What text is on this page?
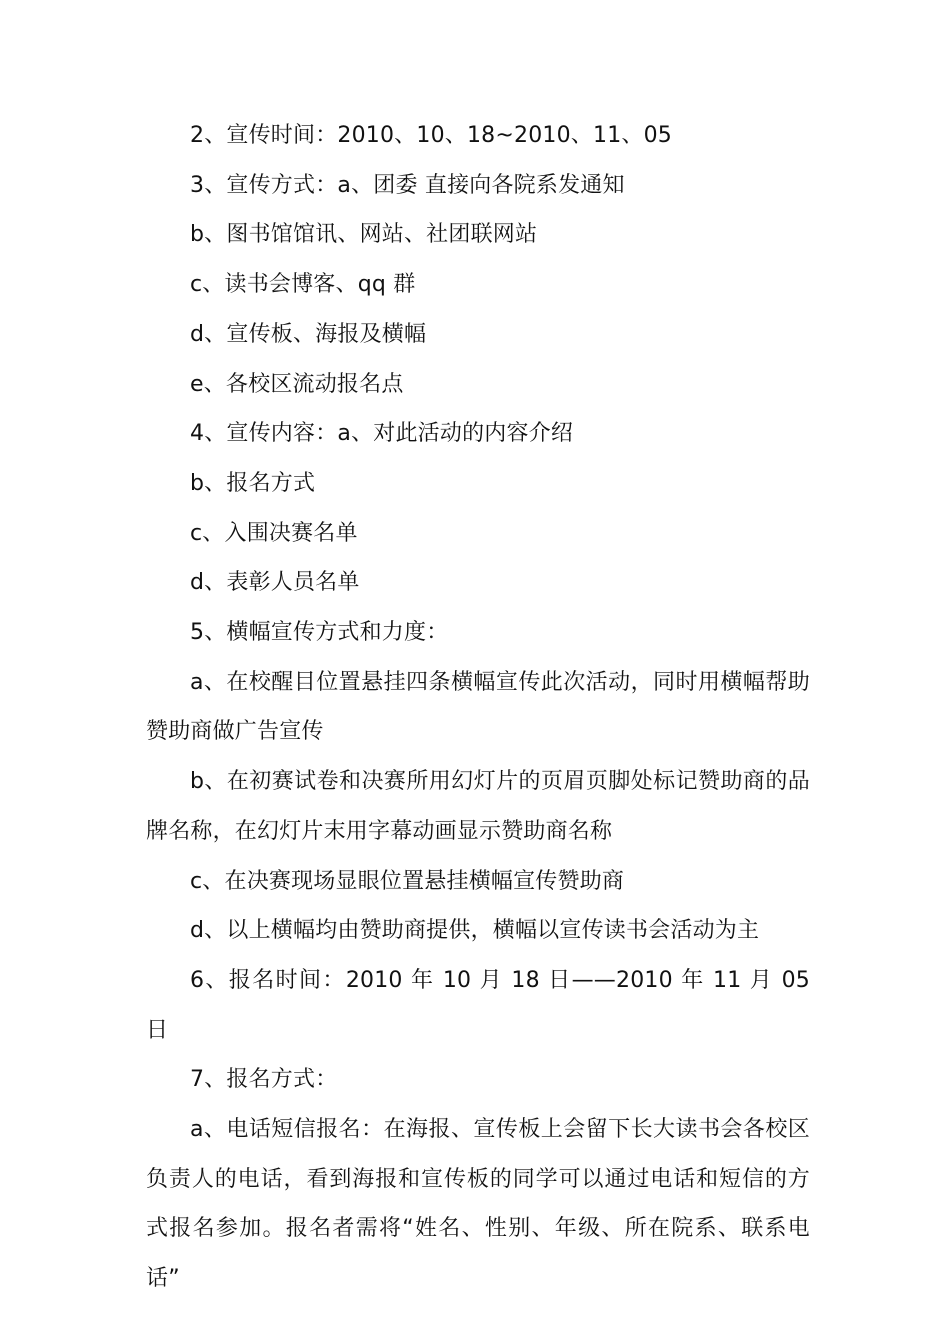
2、宣传时间：2010、10、18~2010、11、05

3、宣传方式：a、团委 直接向各院系发通知

b、图书馆馆讯、网站、社团联网站

c、读书会博客、qq 群

d、宣传板、海报及横幅

e、各校区流动报名点

4、宣传内容：a、对此活动的内容介绍

b、报名方式

c、入围决赛名单

d、表彰人员名单

5、横幅宣传方式和力度：

a、在校醒目位置悬挂四条横幅宣传此次活动，同时用横幅帮助赞助商做广告宣传

b、在初赛试卷和决赛所用幻灯片的页眉页脚处标记赞助商的品牌名称，在幻灯片末用字幕动画显示赞助商名称

c、在决赛现场显眼位置悬挂横幅宣传赞助商

d、以上横幅均由赞助商提供，横幅以宣传读书会活动为主

6、报名时间：2010 年 10 月 18 日——2010 年 11 月 05 日

7、报名方式：

a、电话短信报名：在海报、宣传板上会留下长大读书会各校区负责人的电话，看到海报和宣传板的同学可以通过电话和短信的方式报名参加。报名者需将“姓名、性别、年级、所在院系、联系电话”
